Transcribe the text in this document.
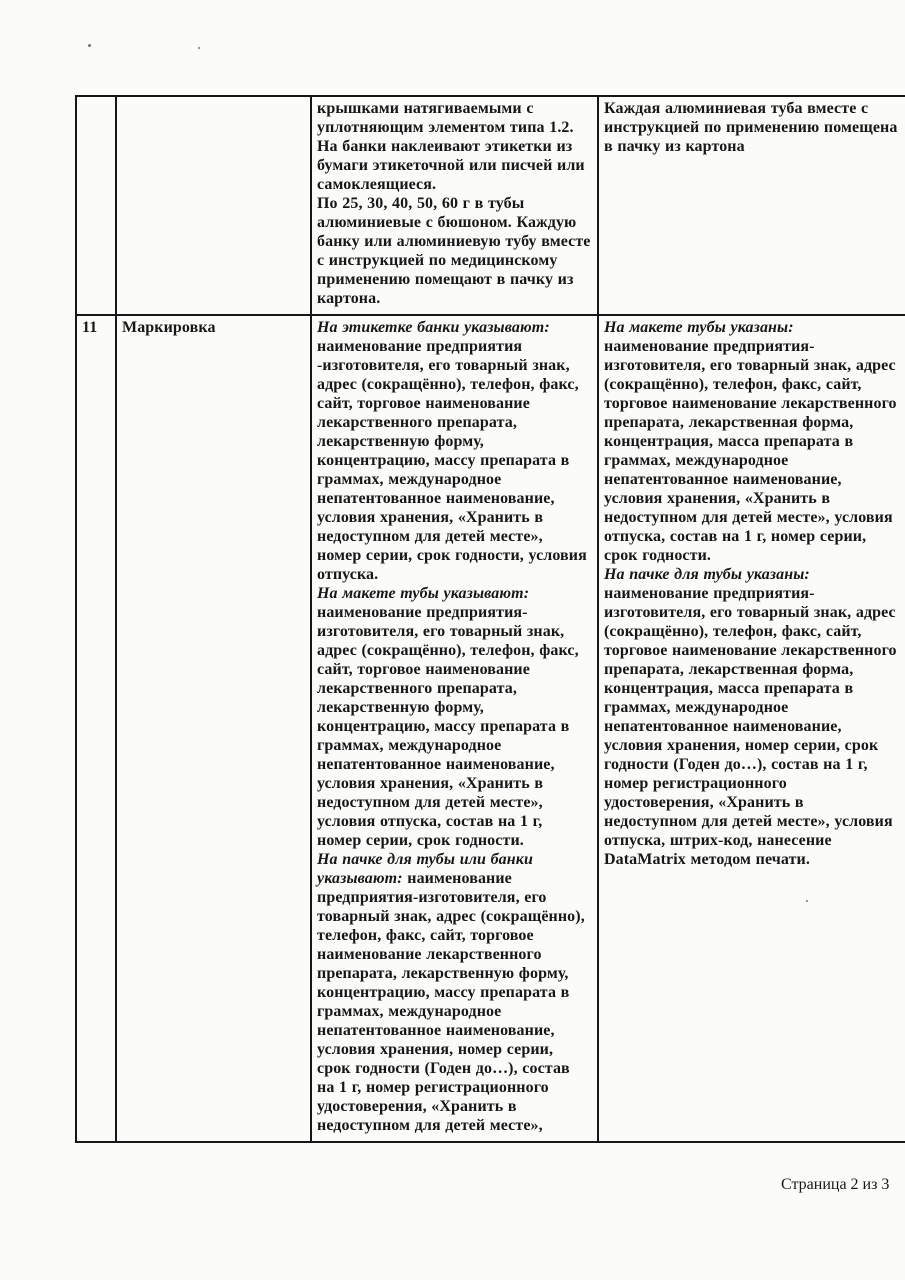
		крышками натягиваемыми с уплотняющим элементом типа 1.2. На банки наклеивают этикетки из бумаги этикеточной или писчей или самоклеящиеся.
По 25, 30, 40, 50, 60 г в тубы алюминиевые с бюшоном. Каждую банку или алюминиевую тубу вместе с инструкцией по медицинскому применению помещают в пачку из картона.	Каждая алюминиевая туба вместе с инструкцией по применению помещена в пачку из картона
11	Маркировка	На этикетке банки указывают:
наименование предприятия -изготовителя, его товарный знак, адрес (сокращённо), телефон, факс, сайт, торговое наименование лекарственного препарата, лекарственную форму, концентрацию, массу препарата в граммах, международное непатентованное наименование, условия хранения, «Хранить в недоступном для детей месте», номер серии, срок годности, условия отпуска.
На макете тубы указывают:
наименование предприятия-изготовителя, его товарный знак, адрес (сокращённо), телефон, факс, сайт, торговое наименование лекарственного препарата, лекарственную форму, концентрацию, массу препарата в граммах, международное непатентованное наименование, условия хранения, «Хранить в недоступном для детей месте», условия отпуска, состав на 1 г, номер серии, срок годности.
На пачке для тубы или банки указывают: наименование предприятия-изготовителя, его товарный знак, адрес (сокращённо), телефон, факс, сайт, торговое наименование лекарственного препарата, лекарственную форму, концентрацию, массу препарата в граммах, международное непатентованное наименование, условия хранения, номер серии, срок годности (Годен до…), состав на 1 г, номер регистрационного удостоверения, «Хранить в недоступном для детей месте»,	На макете тубы указаны:
наименование предприятия-изготовителя, его товарный знак, адрес (сокращённо), телефон, факс, сайт, торговое наименование лекарственного препарата, лекарственная форма, концентрация, масса препарата в граммах, международное непатентованное наименование, условия хранения, «Хранить в недоступном для детей месте», условия отпуска, состав на 1 г, номер серии, срок годности.
На пачке для тубы указаны:
наименование предприятия-изготовителя, его товарный знак, адрес (сокращённо), телефон, факс, сайт, торговое наименование лекарственного препарата, лекарственная форма, концентрация, масса препарата в граммах, международное непатентованное наименование, условия хранения, номер серии, срок годности (Годен до…), состав на 1 г, номер регистрационного удостоверения, «Хранить в недоступном для детей месте», условия отпуска, штрих-код, нанесение DataMatrix методом печати.
Страница 2 из 3
